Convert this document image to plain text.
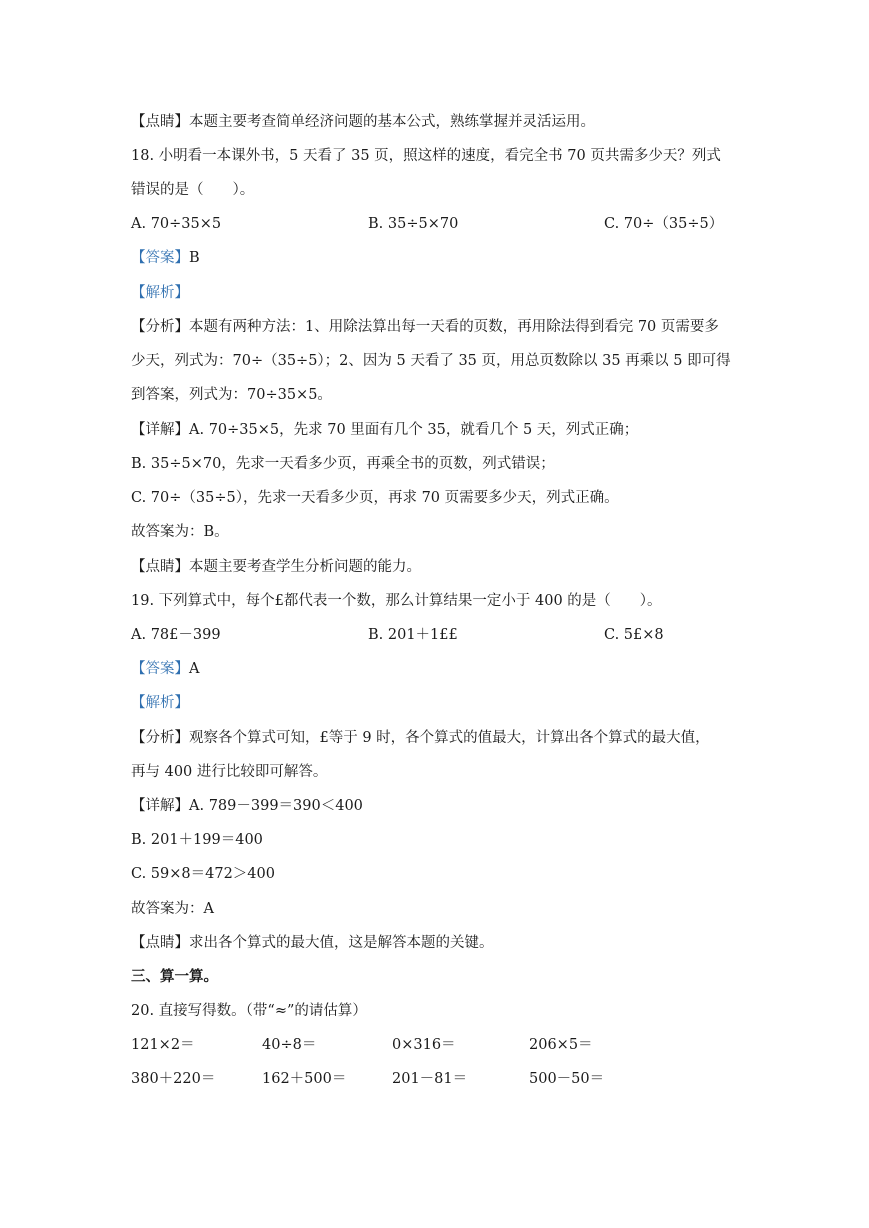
【点睛】本题主要考查简单经济问题的基本公式，熟练掌握并灵活运用。
18. 小明看一本课外书，5 天看了 35 页，照这样的速度，看完全书 70 页共需多少天？列式
错误的是（　　）。
A. 70÷35×5	B. 35÷5×70	C. 70÷（35÷5）
【答案】B
【解析】
【分析】本题有两种方法：1、用除法算出每一天看的页数，再用除法得到看完 70 页需要多
少天，列式为：70÷（35÷5）；2、因为 5 天看了 35 页，用总页数除以 35 再乘以 5 即可得
到答案，列式为：70÷35×5。
【详解】A. 70÷35×5，先求 70 里面有几个 35，就看几个 5 天，列式正确；
B. 35÷5×70，先求一天看多少页，再乘全书的页数，列式错误；
C. 70÷（35÷5），先求一天看多少页，再求 70 页需要多少天，列式正确。
故答案为：B。
【点睛】本题主要考查学生分析问题的能力。
19. 下列算式中，每个£都代表一个数，那么计算结果一定小于 400 的是（　　）。
A. 78£－399	B. 201＋1££	C. 5£×8
【答案】A
【解析】
【分析】观察各个算式可知，£等于 9 时，各个算式的值最大，计算出各个算式的最大值，
再与 400 进行比较即可解答。
【详解】A. 789－399＝390＜400
B. 201＋199＝400
C. 59×8＝472＞400
故答案为：A
【点睛】求出各个算式的最大值，这是解答本题的关键。
三、算一算。
20. 直接写得数。（带“≈”的请估算）
121×2＝	40÷8＝	0×316＝	206×5＝
380＋220＝	162＋500＝	201－81＝	500－50＝
